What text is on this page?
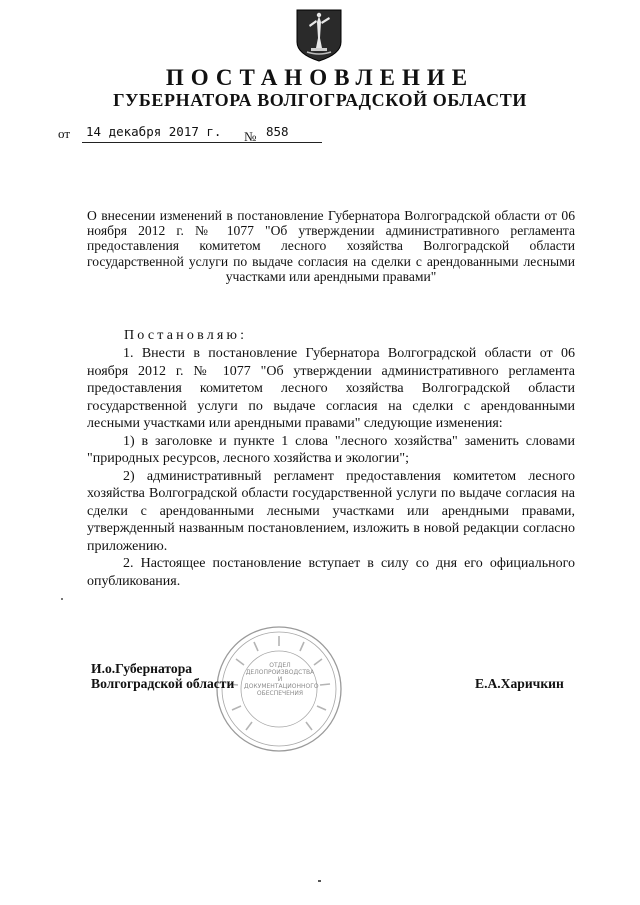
ПОСТАНОВЛЕНИЕ
ГУБЕРНАТОРА ВОЛГОГРАДСКОЙ ОБЛАСТИ
от 14 декабря 2017 г. № 858
О внесении изменений в постановление Губернатора Волгоградской области от 06 ноября 2012 г. № 1077 "Об утверждении административного регламента предоставления комитетом лесного хозяйства Волгоградской области государственной услуги по выдаче согласия на сделки с арендованными лесными участками или арендными правами"
Постановляю:

1. Внести в постановление Губернатора Волгоградской области от 06 ноября 2012 г. № 1077 "Об утверждении административного регламента предоставления комитетом лесного хозяйства Волгоградской области государственной услуги по выдаче согласия на сделки с арендованными лесными участками или арендными правами" следующие изменения:

1) в заголовке и пункте 1 слова "лесного хозяйства" заменить словами "природных ресурсов, лесного хозяйства и экологии";

2) административный регламент предоставления комитетом лесного хозяйства Волгоградской области государственной услуги по выдаче согласия на сделки с арендованными лесными участками или арендными правами, утвержденный названным постановлением, изложить в новой редакции согласно приложению.

2. Настоящее постановление вступает в силу со дня его официального опубликования.

ОТДЕЛ ДЕЛОПРОИЗВОДСТВА И ДОКУМЕНТАЦИОННОГО ОБЕСПЕЧЕНИЯ
И.о.Губернатора
Волгоградской области	Е.А.Харичкин
